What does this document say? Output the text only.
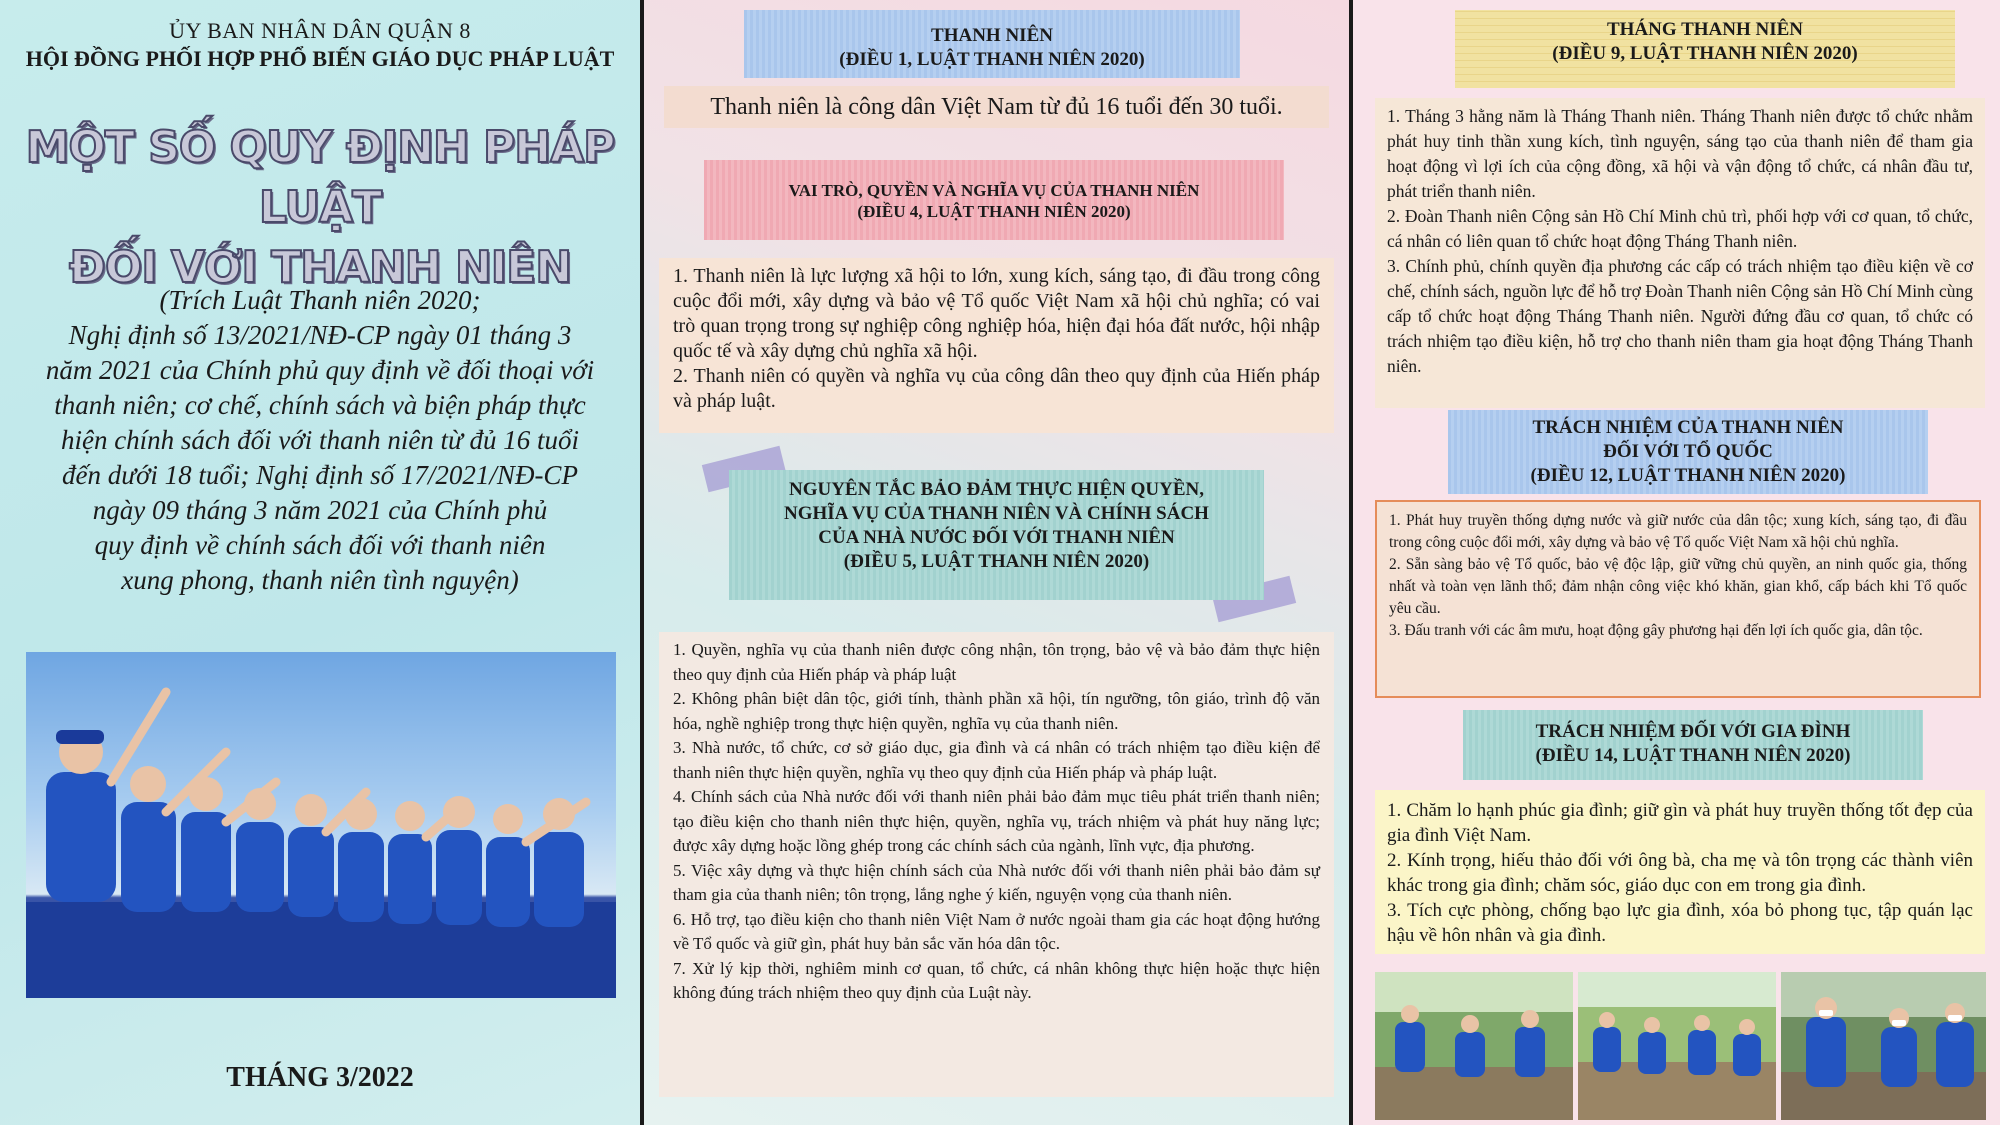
ỦY BAN NHÂN DÂN QUẬN 8
HỘI ĐỒNG PHỐI HỢP PHỔ BIẾN GIÁO DỤC PHÁP LUẬT
MỘT SỐ QUY ĐỊNH PHÁP LUẬT
ĐỐI VỚI THANH NIÊN
(Trích Luật Thanh niên 2020;
Nghị định số 13/2021/NĐ-CP ngày 01 tháng 3
năm 2021 của Chính phủ quy định về đối thoại với
thanh niên; cơ chế, chính sách và biện pháp thực
hiện chính sách đối với thanh niên từ đủ 16 tuổi
đến dưới 18 tuổi; Nghị định số 17/2021/NĐ-CP
ngày 09 tháng 3 năm 2021 của Chính phủ
quy định về chính sách đối với thanh niên
xung phong, thanh niên tình nguyện)
THÁNG 3/2022
THANH NIÊN
(ĐIỀU 1, LUẬT THANH NIÊN 2020)
Thanh niên là công dân Việt Nam từ đủ 16 tuổi đến 30 tuổi.
VAI TRÒ, QUYỀN VÀ NGHĨA VỤ CỦA THANH NIÊN
(ĐIỀU 4, LUẬT THANH NIÊN 2020)

1. Thanh niên là lực lượng xã hội to lớn, xung kích, sáng tạo, đi đầu trong công cuộc đổi mới, xây dựng và bảo vệ Tổ quốc Việt Nam xã hội chủ nghĩa; có vai trò quan trọng trong sự nghiệp công nghiệp hóa, hiện đại hóa đất nước, hội nhập quốc tế và xây dựng chủ nghĩa xã hội.

2. Thanh niên có quyền và nghĩa vụ của công dân theo quy định của Hiến pháp và pháp luật.

NGUYÊN TẮC BẢO ĐẢM THỰC HIỆN QUYỀN,
NGHĨA VỤ CỦA THANH NIÊN VÀ CHÍNH SÁCH
CỦA NHÀ NƯỚC ĐỐI VỚI THANH NIÊN
(ĐIỀU 5, LUẬT THANH NIÊN 2020)

1. Quyền, nghĩa vụ của thanh niên được công nhận, tôn trọng, bảo vệ và bảo đảm thực hiện theo quy định của Hiến pháp và pháp luật

2. Không phân biệt dân tộc, giới tính, thành phần xã hội, tín ngưỡng, tôn giáo, trình độ văn hóa, nghề nghiệp trong thực hiện quyền, nghĩa vụ của thanh niên.

3. Nhà nước, tổ chức, cơ sở giáo dục, gia đình và cá nhân có trách nhiệm tạo điều kiện để thanh niên thực hiện quyền, nghĩa vụ theo quy định của Hiến pháp và pháp luật.

4. Chính sách của Nhà nước đối với thanh niên phải bảo đảm mục tiêu phát triển thanh niên; tạo điều kiện cho thanh niên thực hiện, quyền, nghĩa vụ, trách nhiệm và phát huy năng lực; được xây dựng hoặc lồng ghép trong các chính sách của ngành, lĩnh vực, địa phương.

5. Việc xây dựng và thực hiện chính sách của Nhà nước đối với thanh niên phải bảo đảm sự tham gia của thanh niên; tôn trọng, lắng nghe ý kiến, nguyện vọng của thanh niên.

6. Hỗ trợ, tạo điều kiện cho thanh niên Việt Nam ở nước ngoài tham gia các hoạt động hướng về Tổ quốc và giữ gìn, phát huy bản sắc văn hóa dân tộc.

7. Xử lý kịp thời, nghiêm minh cơ quan, tổ chức, cá nhân không thực hiện hoặc thực hiện không đúng trách nhiệm theo quy định của Luật này.

THÁNG THANH NIÊN
(ĐIỀU 9, LUẬT THANH NIÊN 2020)

1. Tháng 3 hằng năm là Tháng Thanh niên. Tháng Thanh niên được tổ chức nhằm phát huy tinh thần xung kích, tình nguyện, sáng tạo của thanh niên để tham gia hoạt động vì lợi ích của cộng đồng, xã hội và vận động tổ chức, cá nhân đầu tư, phát triển thanh niên.

2. Đoàn Thanh niên Cộng sản Hồ Chí Minh chủ trì, phối hợp với cơ quan, tổ chức, cá nhân có liên quan tổ chức hoạt động Tháng Thanh niên.

3. Chính phủ, chính quyền địa phương các cấp có trách nhiệm tạo điều kiện về cơ chế, chính sách, nguồn lực để hỗ trợ Đoàn Thanh niên Cộng sản Hồ Chí Minh cùng cấp tổ chức hoạt động Tháng Thanh niên. Người đứng đầu cơ quan, tổ chức có trách nhiệm tạo điều kiện, hỗ trợ cho thanh niên tham gia hoạt động Tháng Thanh niên.

TRÁCH NHIỆM CỦA THANH NIÊN
ĐỐI VỚI TỔ QUỐC
(ĐIỀU 12, LUẬT THANH NIÊN 2020)

1. Phát huy truyền thống dựng nước và giữ nước của dân tộc; xung kích, sáng tạo, đi đầu trong công cuộc đổi mới, xây dựng và bảo vệ Tổ quốc Việt Nam xã hội chủ nghĩa.

2. Sẵn sàng bảo vệ Tổ quốc, bảo vệ độc lập, giữ vững chủ quyền, an ninh quốc gia, thống nhất và toàn vẹn lãnh thổ; đảm nhận công việc khó khăn, gian khổ, cấp bách khi Tổ quốc yêu cầu.

3. Đấu tranh với các âm mưu, hoạt động gây phương hại đến lợi ích quốc gia, dân tộc.

TRÁCH NHIỆM ĐỐI VỚI GIA ĐÌNH
(ĐIỀU 14, LUẬT THANH NIÊN 2020)

1. Chăm lo hạnh phúc gia đình; giữ gìn và phát huy truyền thống tốt đẹp của gia đình Việt Nam.

2. Kính trọng, hiếu thảo đối với ông bà, cha mẹ và tôn trọng các thành viên khác trong gia đình; chăm sóc, giáo dục con em trong gia đình.

3. Tích cực phòng, chống bạo lực gia đình, xóa bỏ phong tục, tập quán lạc hậu về hôn nhân và gia đình.
